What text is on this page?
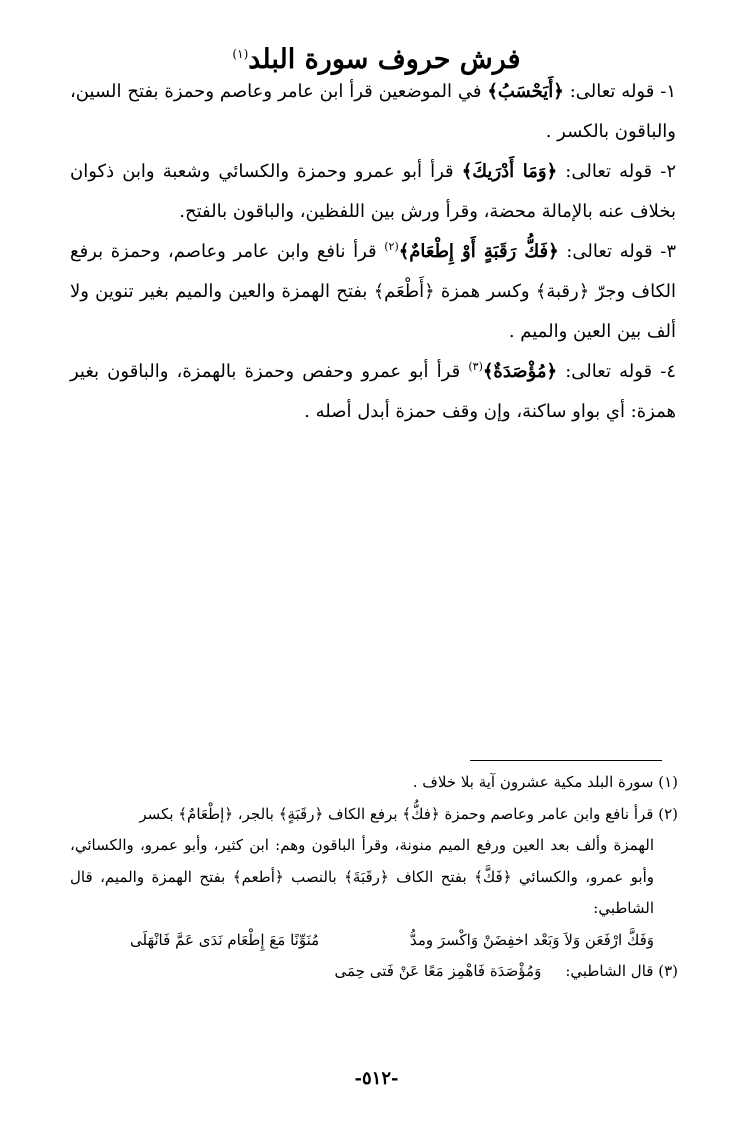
فرش حروف سورة البلد$^{(١)}$

١- قوله تعالى: ﴿أَيَحْسَبُ﴾ في الموضعين قرأ ابن عامر وعاصم وحمزة بفتح السين، والباقون بالكسر .

٢- قوله تعالى: ﴿وَمَا أَدْرَيكَ﴾ قرأ أبو عمرو وحمزة والكسائي وشعبة وابن ذكوان بخلاف عنه بالإمالة محضة، وقرأ ورش بين اللفظين، والباقون بالفتح.

٣- قوله تعالى: ﴿فَكُّ رَقَبَةٍ أَوْ إِطْعَامٌ﴾$^{(٢)}$ قرأ نافع وابن عامر وعاصم، وحمزة برفع الكاف وجرّ ﴿رقبة﴾ وكسر همزة ﴿أَطْعَم﴾ بفتح الهمزة والعين والميم بغير تنوين ولا ألف بين العين والميم .

٤- قوله تعالى: ﴿مُؤْصَدَةٌ﴾$^{(٣)}$ قرأ أبو عمرو وحفص وحمزة بالهمزة، والباقون بغير همزة: أي بواو ساكنة، وإن وقف حمزة أبدل أصله .

(١) سورة البلد مكية عشرون آية بلا خلاف .

(٢) قرأ نافع وابن عامر وعاصم وحمزة ﴿فكُّ﴾ برفع الكاف ﴿رقَبَةٍ﴾ بالجر، ﴿إطْعَامٌ﴾ بكسر

الهمزة وألف بعد العين ورفع الميم منونة، وقرأ الباقون وهم: ابن كثير، وأبو عمرو، والكسائي، وأبو عمرو، والكسائي ﴿فَكَّ﴾ بفتح الكاف ﴿رقَبَةَ﴾ بالنصب ﴿أطعم﴾ بفتح الهمزة والميم، قال الشاطبي:

وَفَكَّ ارْفَعَن وَلاَ وَبَعْد اخفِضَنْ وَاكْسرَ ومدُّ
مُنَوِّنًا مَعَ إِطْعَام نَدَى عَمَّ فَانْهَلَى
(٣) قال الشاطبي:
وَمُؤْصَدَة فَاهْمِز مَعًا عَنْ فَتى حِمَى
-٥١٢-
